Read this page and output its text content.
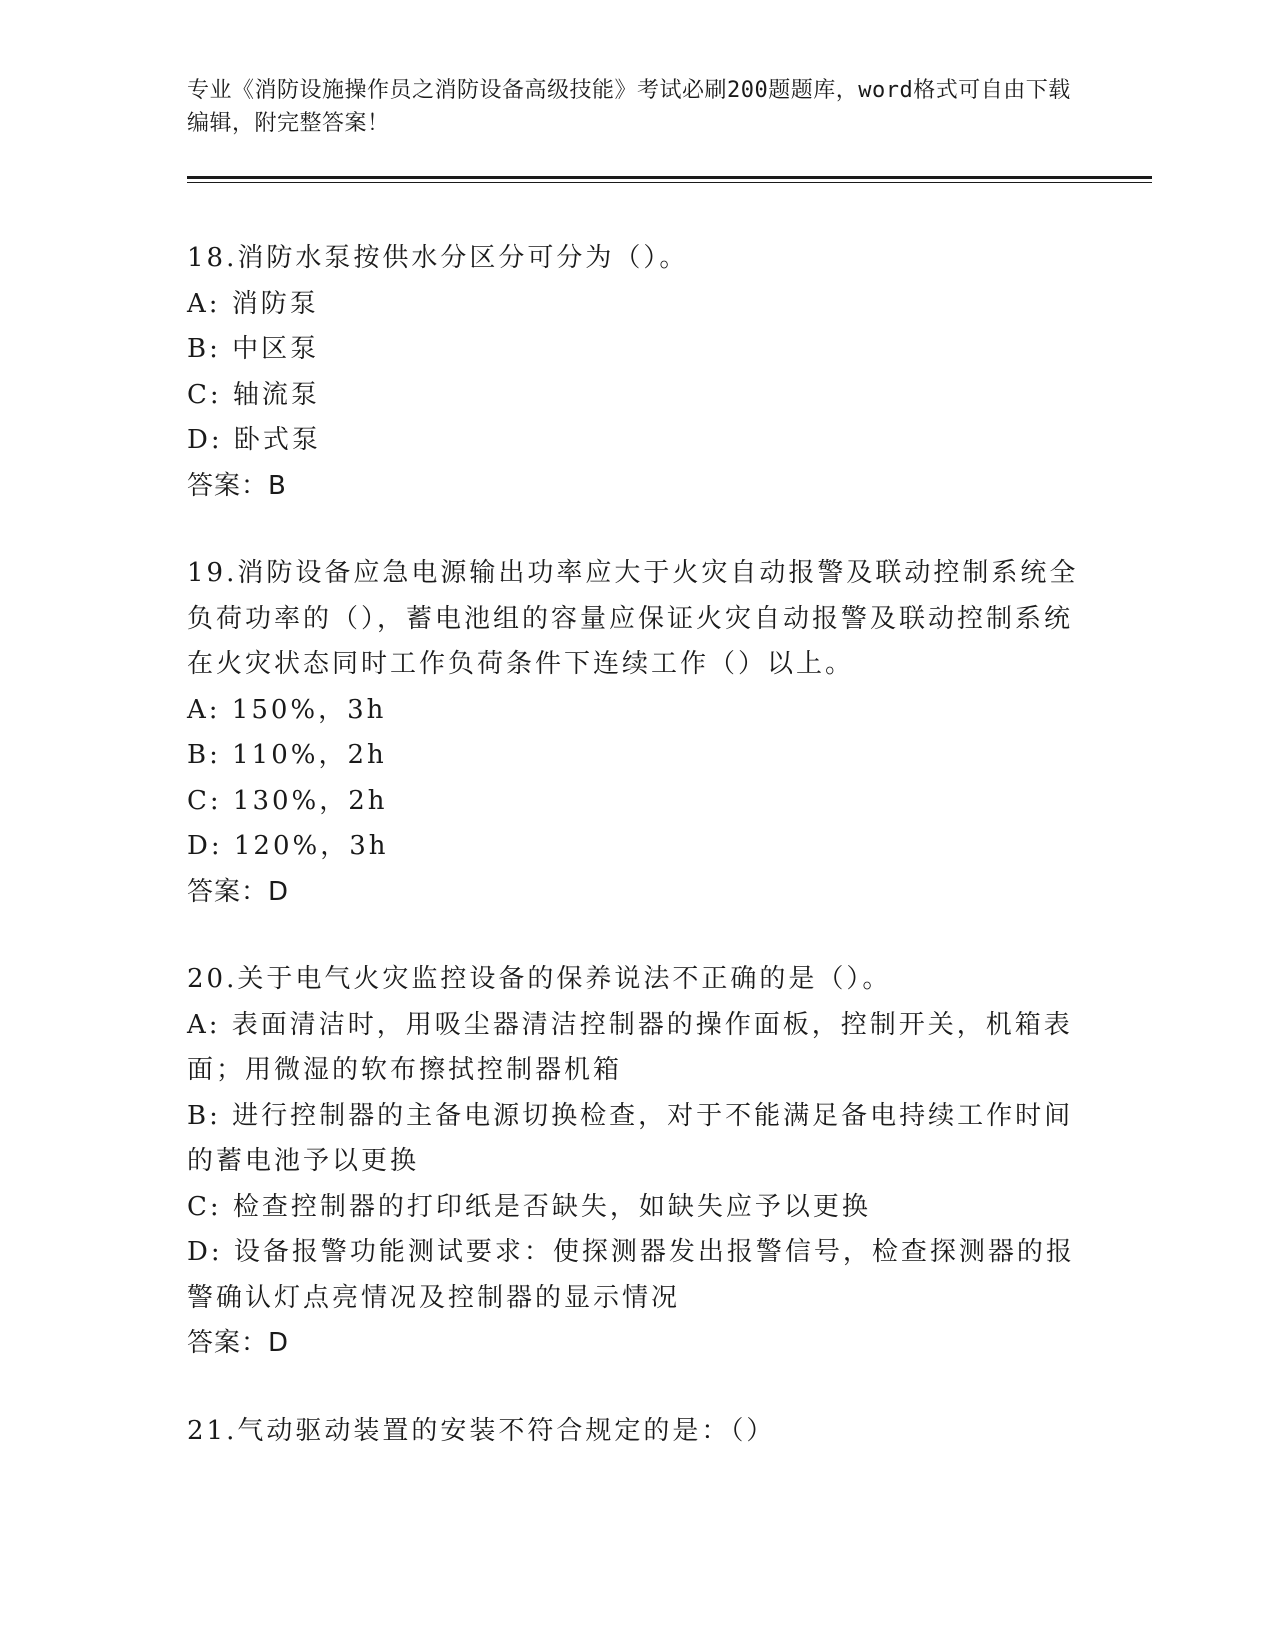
专业《消防设施操作员之消防设备高级技能》考试必刷200题题库，word格式可自由下载编辑，附完整答案！
18.消防水泵按供水分区分可分为（）。
A: 消防泵
B: 中区泵
C: 轴流泵
D: 卧式泵
答案：B
19.消防设备应急电源输出功率应大于火灾自动报警及联动控制系统全负荷功率的（），蓄电池组的容量应保证火灾自动报警及联动控制系统在火灾状态同时工作负荷条件下连续工作（）以上。
A: 150%，3h
B: 110%，2h
C: 130%，2h
D: 120%，3h
答案：D
20.关于电气火灾监控设备的保养说法不正确的是（）。
A: 表面清洁时，用吸尘器清洁控制器的操作面板，控制开关，机箱表面；用微湿的软布擦拭控制器机箱
B: 进行控制器的主备电源切换检查，对于不能满足备电持续工作时间的蓄电池予以更换
C: 检查控制器的打印纸是否缺失，如缺失应予以更换
D: 设备报警功能测试要求：使探测器发出报警信号，检查探测器的报警确认灯点亮情况及控制器的显示情况
答案：D
21.气动驱动装置的安装不符合规定的是：（）
